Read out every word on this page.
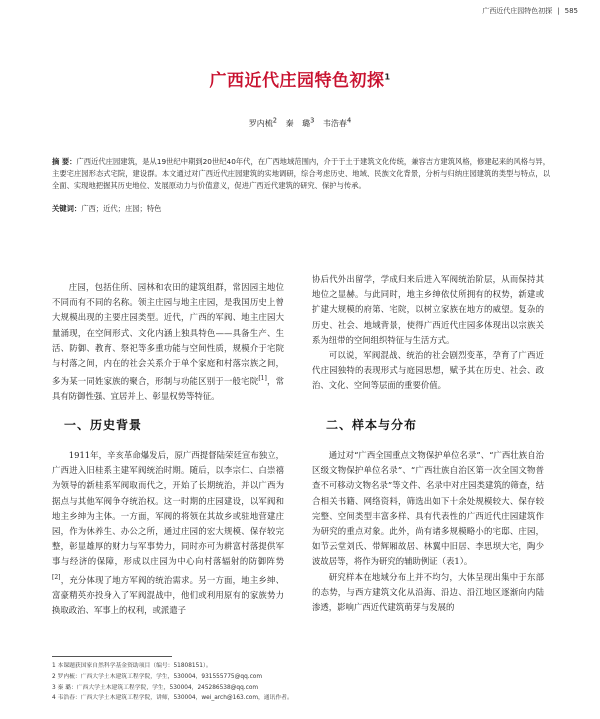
广西近代庄园特色初探 | 585
广西近代庄园特色初探$^1$
罗内梳$^2$ 秦 璐$^3$ 韦浩春$^4$
摘 要：广西近代庄园建筑，是从19世纪中期到20世纪40年代，在广西地域范围内，介于于土于建筑文化传统，兼容吉方建筑风格，修建起来的风格与异，主要宅庄园形态式宅院，建设群。本文通过对广西近代庄园建筑的实地调研，综合考虑历史、地域、民族文化背景，分析与归纳庄园建筑的类型与特点，以全面、实现地把握其历史地位、发展原动力与价值意义，促进广西近代建筑的研究、保护与传承。
关键词：广西；近代；庄园；特色

庄园，包括住所、园林和农田的建筑组群，常因园主地位不同而有不同的名称。领主庄园与地主庄园，是我国历史上曾大规模出现的主要庄园类型。近代，广西的军阀、地主庄园大量涌现，在空间形式、文化内涵上独具特色——具备生产、生活、防御、教育、祭祀等多重功能与空间性质，规模介于宅院与村落之间，内在的社会关系介于单个家庭和村落宗族之间，多为某一同姓家族的聚合，形制与功能区别于一般宅院[1]，常具有防御性强、宜居并上、彰显权势等特征。

协后代外出留学，学成归来后进入军阀统治阶层，从而保持其地位之显赫。与此同时，地主乡绅依仗所拥有的权势，新建或扩建大规模的府第、宅院，以树立家族在地方的威望。复杂的历史、社会、地域背景，使得广西近代庄园多体现出以宗族关系为纽带的空间组织特征与生活方式。

可以说，军阀混战、统治的社会剧烈变革，孕育了广西近代庄园独特的表现形式与庭园思想，赋予其在历史、社会、政治、文化、空间等层面的重要价值。

一、历史背景	二、样本与分布

1911年，辛亥革命爆发后，原广西提督陆荣廷宣布独立，广西进入旧桂系主建军阀统治时期。随后，以李宗仁、白崇禧为领导的新桂系军阀取而代之，开始了长期统治，并以广西为据点与其他军阀争夺统治权。这一时期的庄园建设，以军阀和地主乡绅为主体。一方面，军阀的将领在其故乡或驻地营建庄园，作为休养生、办公之所，通过庄园的宏大规模、保存较完整，彰显雄厚的财力与军事势力，同时亦可为耕富村落提供军事与经济的保障，形成以庄园为中心向村落辐射的防御阵势[2]，充分体现了地方军阀的统治需求。另一方面，地主乡绅、富豪精英亦投身入了军阀混战中，他们或利用原有的家族势力换取政治、军事上的权利，或派遣子

通过对“广西全国重点文物保护单位名录”、“广西壮族自治区级文物保护单位名录”、“广西壮族自治区第一次全国文物普查不可移动文物名录”等文件、名录中对庄园类建筑的筛查，结合相关书籍、网络资料，筛选出如下十余处规模较大、保存较完整、空间类型丰富多样、具有代表性的广西近代庄园建筑作为研究的重点对象。此外，尚有诸多规模略小的宅邸、庄园，如节云堂刘氏、带辉厢故居、林翼中旧居、李思坝大宅，陶少波故居等，将作为研究的辅助例证（表1）。

研究样本在地域分布上并不均匀，大体呈现出集中于东部的态势，与西方建筑文化从沿海、沿边、沿江地区逐渐向内陆渗透，影响广西近代建筑萌芽与发展的

1 本课题获国家自然科学基金资助项目（编号：51808151）。
2 罗内梳：广西大学土木建筑工程学院，学生，530004，931555775@qq.com
3 秦 璐：广西大学土木建筑工程学院，学生，530004，245286538@qq.com
4 韦浩春：广西大学土木建筑工程学院，讲师，530004，wei_arch@163.com，通讯作者。
